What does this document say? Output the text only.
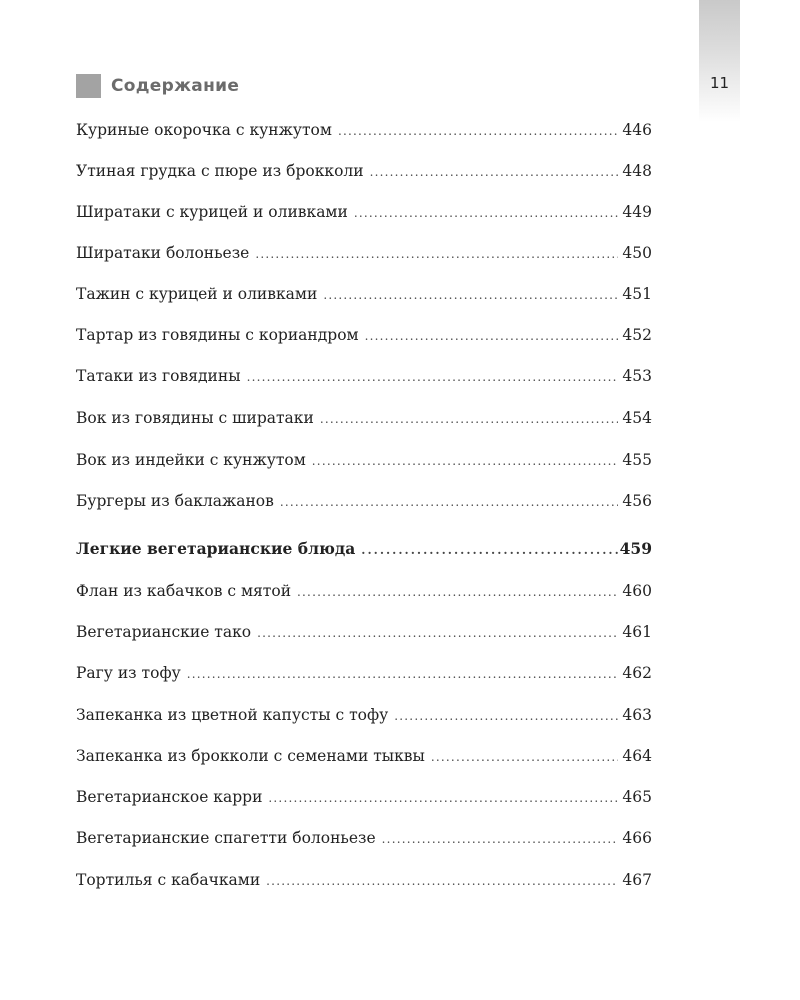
11
Содержание
Куриные окорочка с кунжутом .....	446
Утиная грудка с пюре из брокколи .....	448
Ширатаки с курицей и оливками .....	449
Ширатаки болоньезе .....	450
Тажин с курицей и оливками .....	451
Тартар из говядины с кориандром .....	452
Татаки из говядины .....	453
Вок из говядины с ширатаки .....	454
Вок из индейки с кунжутом .....	455
Бургеры из баклажанов .....	456
Легкие вегетарианские блюда .....	459
Флан из кабачков с мятой .....	460
Вегетарианские тако .....	461
Рагу из тофу .....	462
Запеканка из цветной капусты с тофу .....	463
Запеканка из брокколи с семенами тыквы .....	464
Вегетарианское карри .....	465
Вегетарианские спагетти болоньезе .....	466
Тортилья с кабачками .....	467
